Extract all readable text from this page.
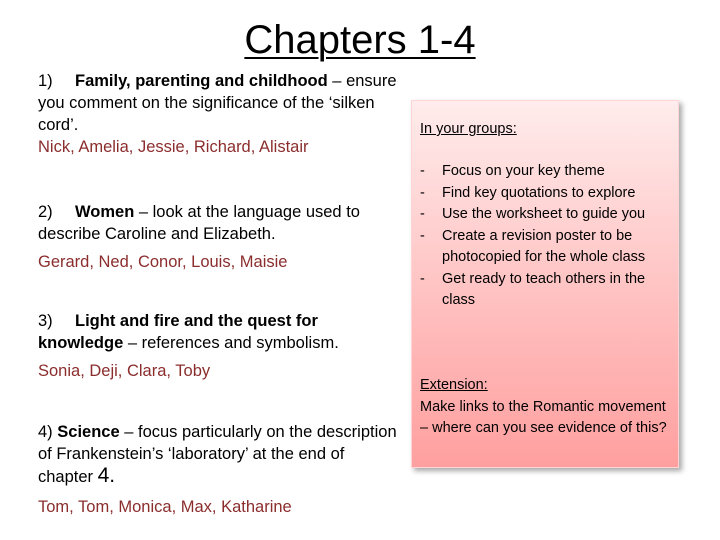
Chapters 1-4
1) Family, parenting and childhood – ensure you comment on the significance of the ‘silken cord’.
Nick, Amelia, Jessie, Richard, Alistair
2) Women – look at the language used to describe Caroline and Elizabeth.
Gerard, Ned, Conor, Louis, Maisie
3) Light and fire and the quest for knowledge – references and symbolism.
Sonia, Deji, Clara, Toby
4) Science – focus particularly on the description of Frankenstein’s ‘laboratory’ at the end of chapter 4.
Tom, Tom, Monica, Max, Katharine
In your groups:
- Focus on your key theme
- Find key quotations to explore
- Use the worksheet to guide you
- Create a revision poster to be photocopied for the whole class
- Get ready to teach others in the class
Extension:
Make links to the Romantic movement – where can you see evidence of this?
